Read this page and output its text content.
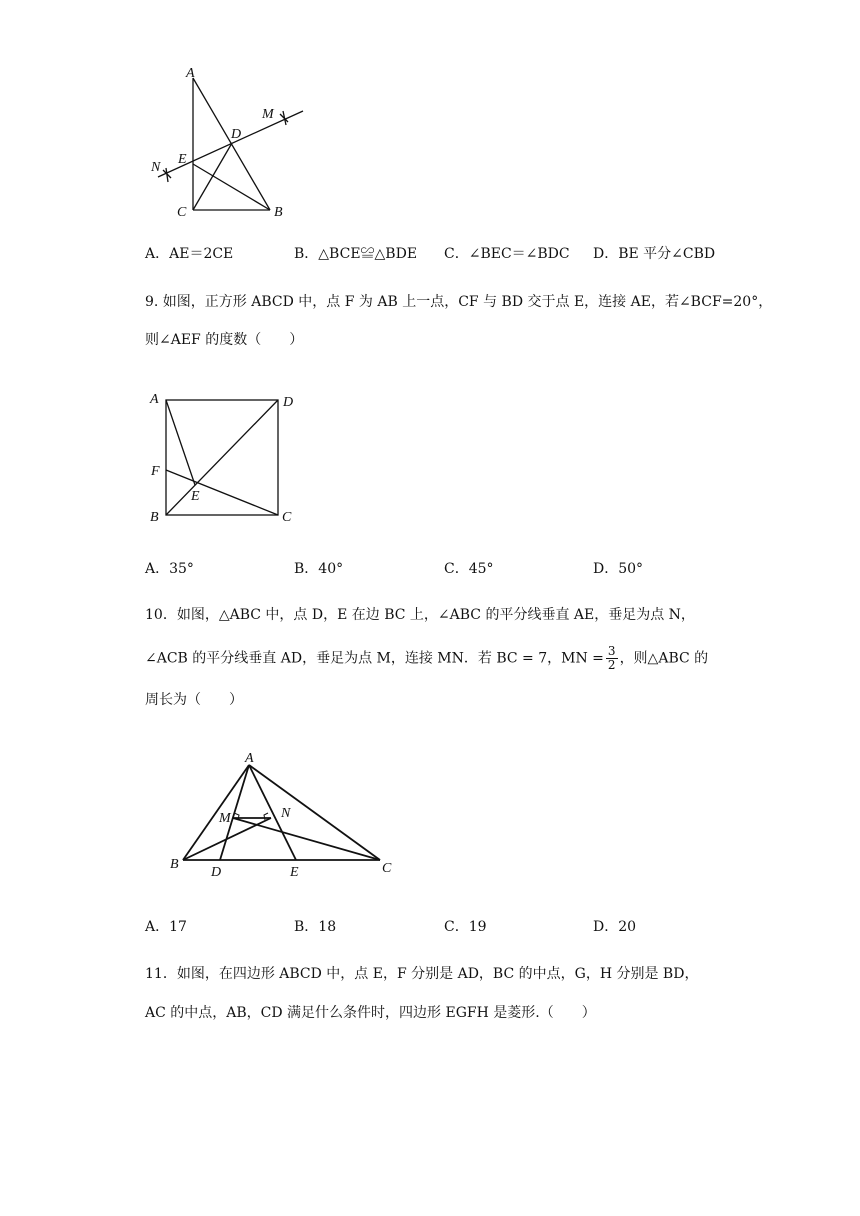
A
M
D
N
E
C	B
A．AE＝2CE	B．△BCE≌△BDE C．∠BEC＝∠BDC D．BE 平分∠CBD
9. 如图，正方形 ABCD 中，点 F 为 AB 上一点，CF 与 BD 交于点 E，连接 AE，若∠BCF=20°，
则∠AEF 的度数（　　）
A	D
F
E
B	C
A．35°	B．40°	C．45°	D．50°
10．如图，△ABC 中，点 D，E 在边 BC 上，∠ABC 的平分线垂直 AE，垂足为点 N，
∠ACB 的平分线垂直 AD，垂足为点 M，连接 MN．若 BC = 7，MN = $\frac{3}{2}$ ，则△ABC 的
周长为（　　）
A
M	N
B
D	E	C
A．17	B．18	C．19	D．20
11．如图，在四边形 ABCD 中，点 E，F 分别是 AD，BC 的中点，G，H 分别是 BD，
AC 的中点，AB，CD 满足什么条件时，四边形 EGFH 是菱形.（　　）
